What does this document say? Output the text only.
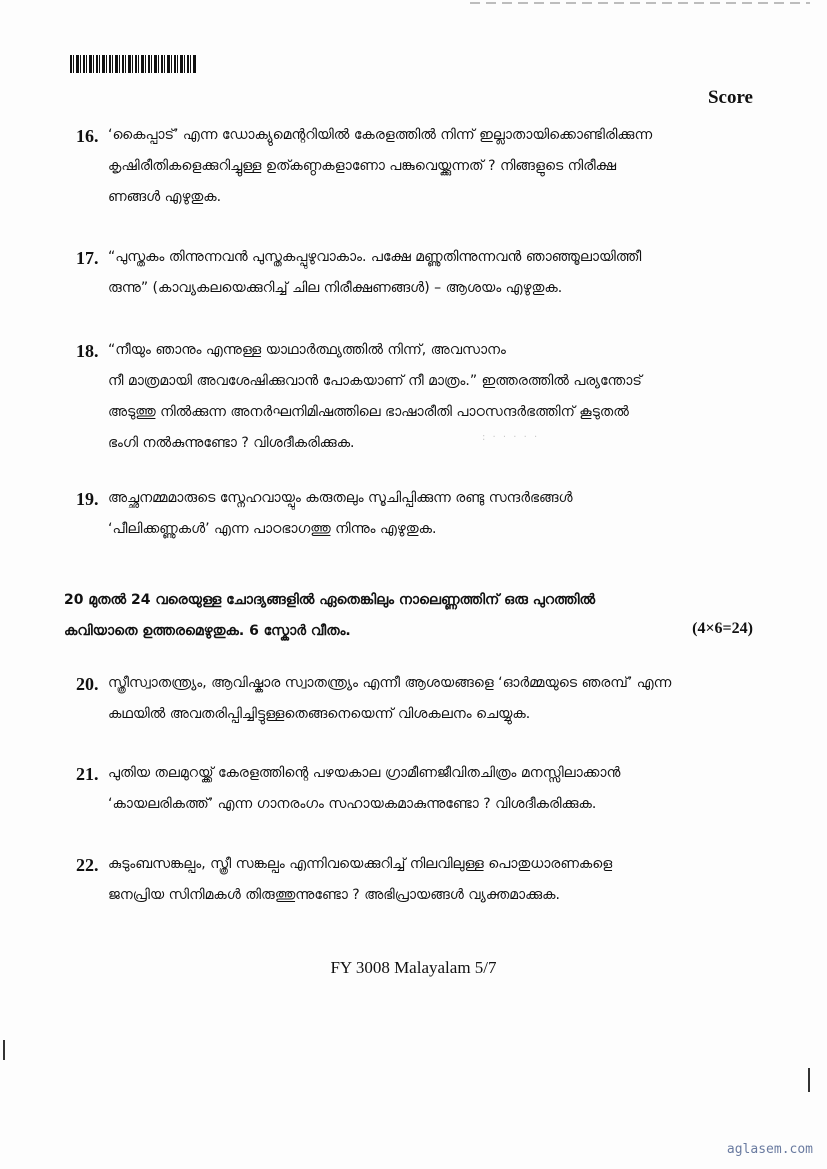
Score
16. ‘കൈപ്പാട്’ എന്ന ഡോക്യുമെന്ററിയിൽ കേരളത്തിൽ നിന്ന് ഇല്ലാതായിക്കൊണ്ടിരിക്കുന്ന

കൃഷിരീതികളെക്കുറിച്ചുള്ള ഉത്കണ്ഠകളാണോ പങ്കുവെയ്ക്കുന്നത് ? നിങ്ങളുടെ നിരീക്ഷ

ണങ്ങൾ എഴുതുക.

17. “പുസ്തകം തിന്നുന്നവൻ പുസ്തകപ്പുഴുവാകാം. പക്ഷേ മണ്ണുതിന്നുന്നവൻ ഞാഞ്ഞൂലായിത്തീ

രുന്നു” (കാവ്യകലയെക്കുറിച്ച് ചില നിരീക്ഷണങ്ങൾ) – ആശയം എഴുതുക.

18. “നീയും ഞാനും എന്നുള്ള യാഥാർത്ഥ്യത്തിൽ നിന്ന്, അവസാനം

നീ മാത്രമായി അവശേഷിക്കുവാൻ പോകയാണ് നീ മാത്രം.” ഇത്തരത്തിൽ പര്യന്തോട്

അടുത്തു നിൽക്കുന്ന അനർഘനിമിഷത്തിലെ ഭാഷാരീതി പാഠസന്ദർഭത്തിന് കൂടുതൽ

ഭംഗി നൽകുന്നുണ്ടോ ? വിശദീകരിക്കുക.	: · · · · ·
19. അച്ഛനമ്മമാരുടെ സ്നേഹവായ്പും കരുതലും സൂചിപ്പിക്കുന്ന രണ്ടു സന്ദർഭങ്ങൾ

‘പീലിക്കണ്ണുകൾ’ എന്ന പാഠഭാഗത്തു നിന്നും എഴുതുക.

20 മുതൽ 24 വരെയുള്ള ചോദ്യങ്ങളിൽ ഏതെങ്കിലും നാലെണ്ണത്തിന് ഒരു പുറത്തിൽ

കവിയാതെ ഉത്തരമെഴുതുക. 6 സ്കോർ വീതം.	(4×6=24)
20. സ്ത്രീസ്വാതന്ത്ര്യം, ആവിഷ്കാര സ്വാതന്ത്ര്യം എന്നീ ആശയങ്ങളെ ‘ഓർമ്മയുടെ ഞരമ്പ്’ എന്ന

കഥയിൽ അവതരിപ്പിച്ചിട്ടുള്ളതെങ്ങനെയെന്ന് വിശകലനം ചെയ്യുക.

21. പുതിയ തലമുറയ്ക്ക് കേരളത്തിന്റെ പഴയകാല ഗ്രാമീണജീവിതചിത്രം മനസ്സിലാക്കാൻ

‘കായലരികത്ത്’ എന്ന ഗാനരംഗം സഹായകമാകുന്നുണ്ടോ ? വിശദീകരിക്കുക.

22. കുടുംബസങ്കല്പം, സ്ത്രീ സങ്കല്പം എന്നിവയെക്കുറിച്ച് നിലവിലുള്ള പൊതുധാരണകളെ

ജനപ്രിയ സിനിമകൾ തിരുത്തുന്നുണ്ടോ ? അഭിപ്രായങ്ങൾ വ്യക്തമാക്കുക.

FY 3008 Malayalam 5/7
aglasem.com
